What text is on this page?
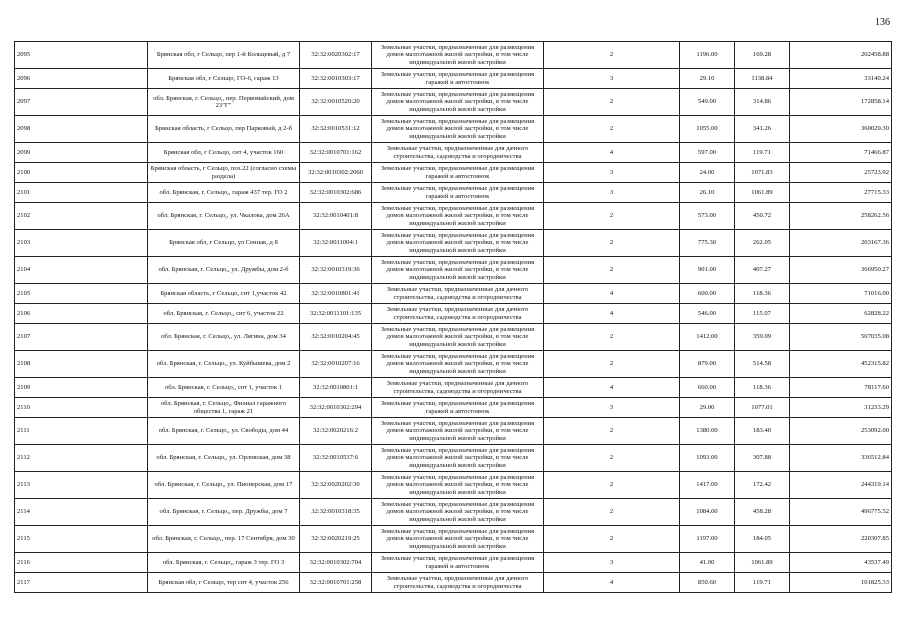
136
2095	Брянская обл, г Сельцо, пер 1-й Кольцевый, д 7	32:32:0020302:17	Земельные участки, предназначенные для размещения домов малоэтажной жилой застройки, в том числе индивидуальной жилой застройки	2	1196.00	169.28	202458.88
2096	Брянская обл, г Сельцо, ГО-6, гараж 13	32:32:0010303:17	Земельные участки, предназначенные для размещения гаражей и автостоянок	3	29.10	1138.84	33140.24
2097	обл. Брянская, г. Сельцо,, пер. Первомайский, дом 23"Г"	32:32:0010520:20	Земельные участки, предназначенные для размещения домов малоэтажной жилой застройки, в том числе индивидуальной жилой застройки	2	549.00	314.86	172858.14
2098	Брянская область, г Сельцо, пер Парковый, д 2-б	32:32:0010531:12	Земельные участки, предназначенные для размещения домов малоэтажной жилой застройки, в том числе индивидуальной жилой застройки	2	1055.00	341.26	360029.30
2099	Брянская обл, г Сельцо, снт 4, участок 160	32:32:0010701:162	Земельные участки, предназначенные для дачного строительства, садоводства и огородничества	4	597.00	119.71	71466.87
2100	Брянская область, г Сельцо, поз.22 (согласно схемы раздела)	32:32:0010302:2060	Земельные участки, предназначенные для размещения гаражей и автостоянок	3	24.00	1071.83	25723.92
2101	обл. Брянская, г. Сельцо,, гараж 437 тер. ГО 2	32:32:0010302:686	Земельные участки, предназначенные для размещения гаражей и автостоянок	3	26.10	1061.89	27715.33
2102	обл. Брянская, г. Сельцо,, ул. Чкалова, дом 26А	32:32:0010401:8	Земельные участки, предназначенные для размещения домов малоэтажной жилой застройки, в том числе индивидуальной жилой застройки	2	573.00	450.72	258262.56
2103	Брянская обл, г Сельцо, ул Сеннак, д 8	32:32:0011004:1	Земельные участки, предназначенные для размещения домов малоэтажной жилой застройки, в том числе индивидуальной жилой застройки	2	775.30	262.05	203167.36
2104	обл. Брянская, г. Сельцо,, ул. Дружбы, дом 2-б	32:32:0010319:36	Земельные участки, предназначенные для размещения домов малоэтажной жилой застройки, в том числе индивидуальной жилой застройки	2	901.00	407.27	366950.27
2105	Брянская область, г Сельцо, снт 1,участок 42	32:32:0010801:41	Земельные участки, предназначенные для дачного строительства, садоводства и огородничества	4	600.00	118.36	71016.00
2106	обл. Брянская, г. Сельцо,, снт 6, участок 22	32:32:0011101:135	Земельные участки, предназначенные для дачного строительства, садоводства и огородничества	4	546.00	115.07	62828.22
2107	обл. Брянская, г. Сельцо,, ул. Лягина, дом 34	32:32:0010204:45	Земельные участки, предназначенные для размещения домов малоэтажной жилой застройки, в том числе индивидуальной жилой застройки	2	1412.00	359.09	507035.08
2108	обл. Брянская, г. Сельцо,, ул. Куйбышева, дом 2	32:32:0010207:16	Земельные участки, предназначенные для размещения домов малоэтажной жилой застройки, в том числе индивидуальной жилой застройки	2	879.00	514.58	452315.82
2109	обл. Брянская, г. Сельцо,, снт 1, участок 1	32:32:0010801:1	Земельные участки, предназначенные для дачного строительства, садоводства и огородничества	4	660.00	118.36	78117.60
2110	обл. Брянская, г. Сельцо,, Филиал гаражного общества 1, гараж 21	32:32:0010302:294	Земельные участки, предназначенные для размещения гаражей и автостоянок	3	29.00	1077.01	31233.29
2111	обл. Брянская, г. Сельцо,, ул. Свободы, дом 44	32:32:0020216:2	Земельные участки, предназначенные для размещения домов малоэтажной жилой застройки, в том числе индивидуальной жилой застройки	2	1380.00	183.40	253092.00
2112	обл. Брянская, г. Сельцо,, ул. Орловская, дом 38	32:32:0010537:6	Земельные участки, предназначенные для размещения домов малоэтажной жилой застройки, в том числе индивидуальной жилой застройки	2	1093.00	307.88	336512.84
2113	обл. Брянская, г. Сельцо,, ул. Пионерская, дом 17	32:32:0020202:30	Земельные участки, предназначенные для размещения домов малоэтажной жилой застройки, в том числе индивидуальной жилой застройки	2	1417.00	172.42	244319.14
2114	обл. Брянская, г. Сельцо,, пер. Дружбы, дом 7	32:32:0010318:35	Земельные участки, предназначенные для размещения домов малоэтажной жилой застройки, в том числе индивидуальной жилой застройки	2	1084.00	458.28	496775.52
2115	обл. Брянская, г. Сельцо,, пер. 17 Сентября, дом 30	32:32:0020219:25	Земельные участки, предназначенные для размещения домов малоэтажной жилой застройки, в том числе индивидуальной жилой застройки	2	1197.00	184.05	220307.85
2116	обл. Брянская, г. Сельцо,, гараж 3 тер. ГО 3	32:32:0010302:704	Земельные участки, предназначенные для размещения гаражей и автостоянок	3	41.00	1061.89	43537.49
2117	Брянская обл, г Сельцо, тер снт 4, участок 256	32:32:0010701:258	Земельные участки, предназначенные для дачного строительства, садоводства и огородничества	4	850.60	119.71	101825.33
